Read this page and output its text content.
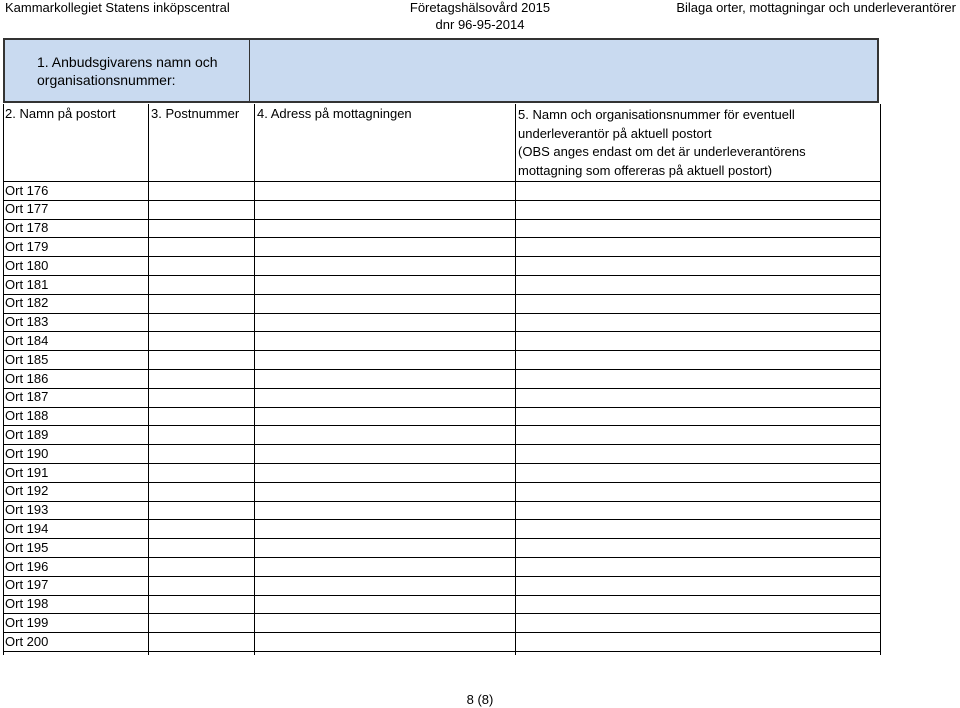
Kammarkollegiet Statens inköpscentral	Företagshälsovård 2015	Bilaga orter, mottagningar och underleverantörer
dnr 96-95-2014
1. Anbudsgivarens namn och
organisationsnummer:
2. Namn på postort	3. Postnummer 4. Adress på mottagningen	5. Namn och organisationsnummer för eventuell
underleverantör på aktuell postort
(OBS anges endast om det är underleverantörens
mottagning som offereras på aktuell postort)
Ort 176
Ort 177
Ort 178
Ort 179
Ort 180
Ort 181
Ort 182
Ort 183
Ort 184
Ort 185
Ort 186
Ort 187
Ort 188
Ort 189
Ort 190
Ort 191
Ort 192
Ort 193
Ort 194
Ort 195
Ort 196
Ort 197
Ort 198
Ort 199
Ort 200
8 (8)
